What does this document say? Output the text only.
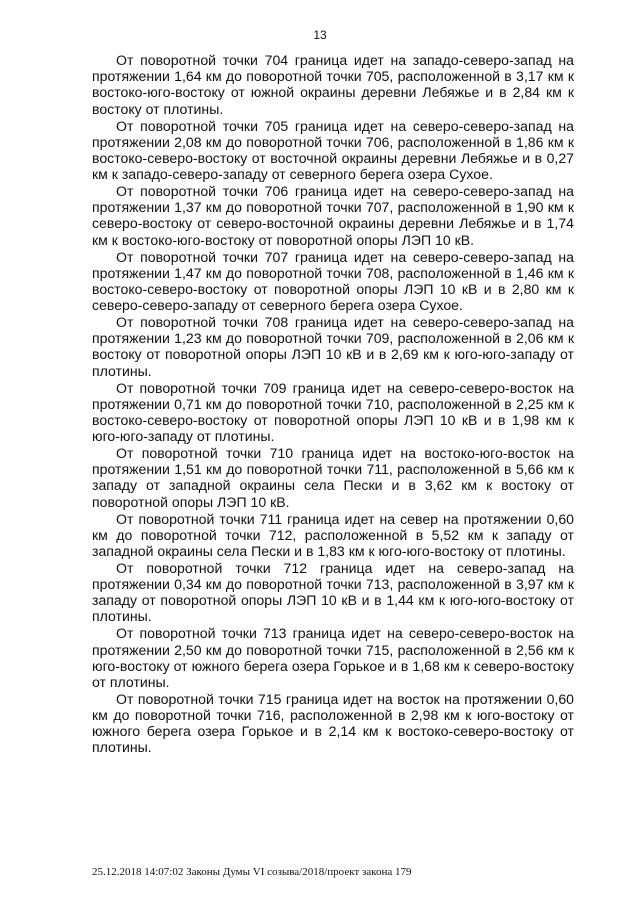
13

От поворотной точки 704 граница идет на западо-северо-запад на протяжении 1,64 км до поворотной точки 705, расположенной в 3,17 км к востоко-юго-востоку от южной окраины деревни Лебяжье и в 2,84 км к востоку от плотины.

От поворотной точки 705 граница идет на северо-северо-запад на протяжении 2,08 км до поворотной точки 706, расположенной в 1,86 км к востоко-северо-востоку от восточной окраины деревни Лебяжье и в 0,27 км к западо-северо-западу от северного берега озера Сухое.

От поворотной точки 706 граница идет на северо-северо-запад на протяжении 1,37 км до поворотной точки 707, расположенной в 1,90 км к северо-востоку от северо-восточной окраины деревни Лебяжье и в 1,74 км к востоко-юго-востоку от поворотной опоры ЛЭП 10 кВ.

От поворотной точки 707 граница идет на северо-северо-запад на протяжении 1,47 км до поворотной точки 708, расположенной в 1,46 км к востоко-северо-востоку от поворотной опоры ЛЭП 10 кВ и в 2,80 км к северо-северо-западу от северного берега озера Сухое.

От поворотной точки 708 граница идет на северо-северо-запад на протяжении 1,23 км до поворотной точки 709, расположенной в 2,06 км к востоку от поворотной опоры ЛЭП 10 кВ и в 2,69 км к юго-юго-западу от плотины.

От поворотной точки 709 граница идет на северо-северо-восток на протяжении 0,71 км до поворотной точки 710, расположенной в 2,25 км к востоко-северо-востоку от поворотной опоры ЛЭП 10 кВ и в 1,98 км к юго-юго-западу от плотины.

От поворотной точки 710 граница идет на востоко-юго-восток на протяжении 1,51 км до поворотной точки 711, расположенной в 5,66 км к западу от западной окраины села Пески и в 3,62 км к востоку от поворотной опоры ЛЭП 10 кВ.

От поворотной точки 711 граница идет на север на протяжении 0,60 км до поворотной точки 712, расположенной в 5,52 км к западу от западной окраины села Пески и в 1,83 км к юго-юго-востоку от плотины.

От поворотной точки 712 граница идет на северо-запад на протяжении 0,34 км до поворотной точки 713, расположенной в 3,97 км к западу от поворотной опоры ЛЭП 10 кВ и в 1,44 км к юго-юго-востоку от плотины.

От поворотной точки 713 граница идет на северо-северо-восток на протяжении 2,50 км до поворотной точки 715, расположенной в 2,56 км к юго-востоку от южного берега озера Горькое и в 1,68 км к северо-востоку от плотины.

От поворотной точки 715 граница идет на восток на протяжении 0,60 км до поворотной точки 716, расположенной в 2,98 км к юго-востоку от южного берега озера Горькое и в 2,14 км к востоко-северо-востоку от плотины.

25.12.2018 14:07:02 Законы Думы VI созыва/2018/проект закона 179
